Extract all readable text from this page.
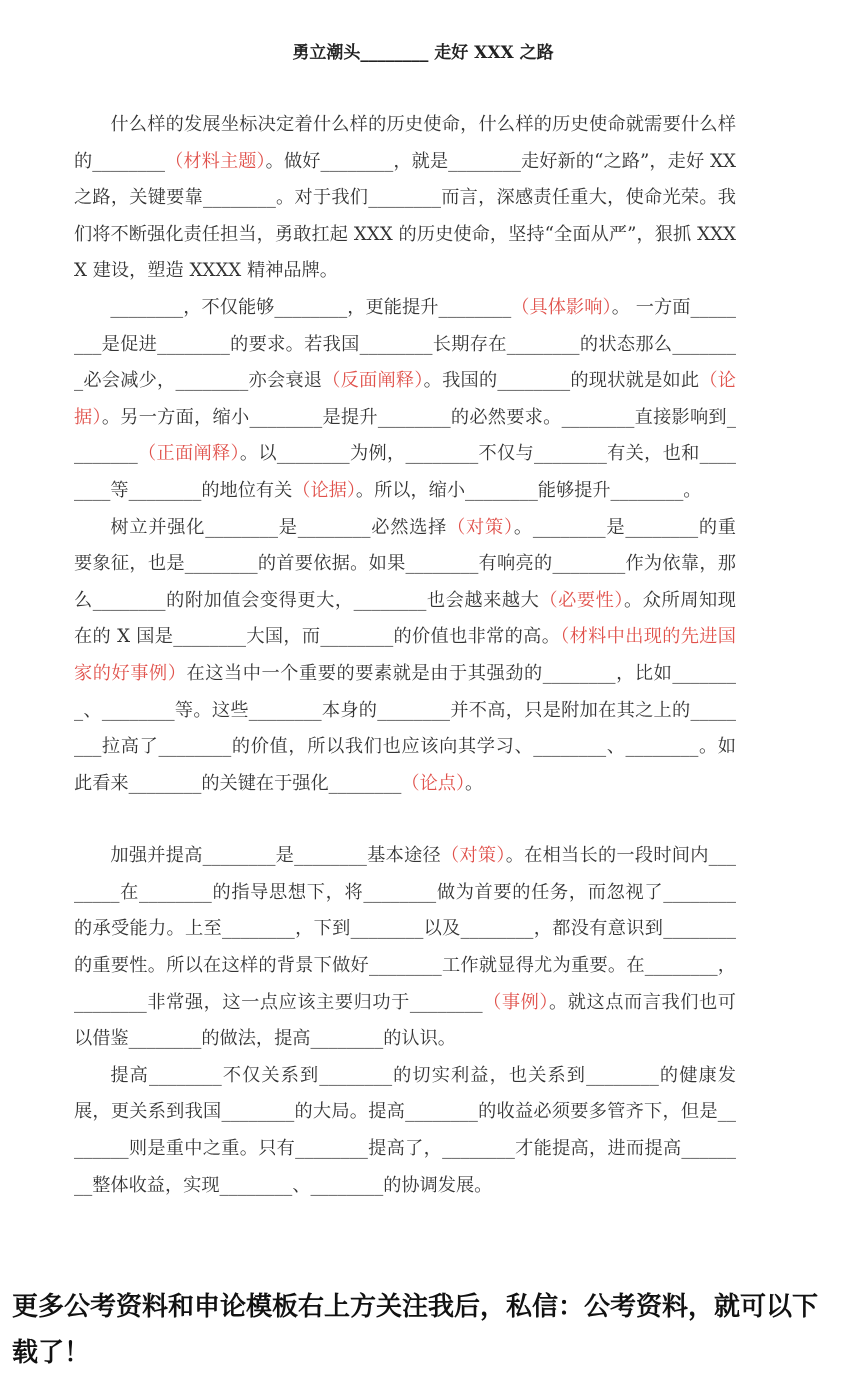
勇立潮头________ 走好 XXX 之路

什么样的发展坐标决定着什么样的历史使命，什么样的历史使命就需要什么样的________（材料主题）。做好________，就是________走好新的“之路”，走好 XX 之路，关键要靠________。对于我们________而言，深感责任重大，使命光荣。我们将不断强化责任担当，勇敢扛起 XXX 的历史使命，坚持“全面从严”，狠抓 XXXX 建设，塑造 XXXX 精神品牌。

________，不仅能够________，更能提升________（具体影响）。 一方面________是促进________的要求。若我国________长期存在________的状态那么________必会减少，________亦会衰退（反面阐释）。我国的________的现状就是如此（论据）。另一方面，缩小________是提升________的必然要求。________直接影响到________（正面阐释）。以________为例，________不仅与________有关，也和________等________的地位有关（论据）。所以，缩小________能够提升________。

树立并强化________是________必然选择（对策）。________是________的重要象征，也是________的首要依据。如果________有响亮的________作为依靠，那么________的附加值会变得更大，________也会越来越大（必要性）。众所周知现在的 X 国是________大国，而________的价值也非常的高。（材料中出现的先进国家的好事例）在这当中一个重要的要素就是由于其强劲的________，比如________、________等。这些________本身的________并不高，只是附加在其之上的________拉高了________的价值，所以我们也应该向其学习、________、________。如此看来________的关键在于强化________（论点）。

加强并提高________是________基本途径（对策）。在相当长的一段时间内________在________的指导思想下，将________做为首要的任务，而忽视了________的承受能力。上至________，下到________以及________，都没有意识到________的重要性。所以在这样的背景下做好________工作就显得尤为重要。在________，________非常强，这一点应该主要归功于________（事例）。就这点而言我们也可以借鉴________的做法，提高________的认识。

提高________不仅关系到________的切实利益，也关系到________的健康发展，更关系到我国________的大局。提高________的收益必须要多管齐下，但是________则是重中之重。只有________提高了，________才能提高，进而提高________整体收益，实现________、________的协调发展。

更多公考资料和申论模板右上方关注我后，私信：公考资料，就可以下载了！
